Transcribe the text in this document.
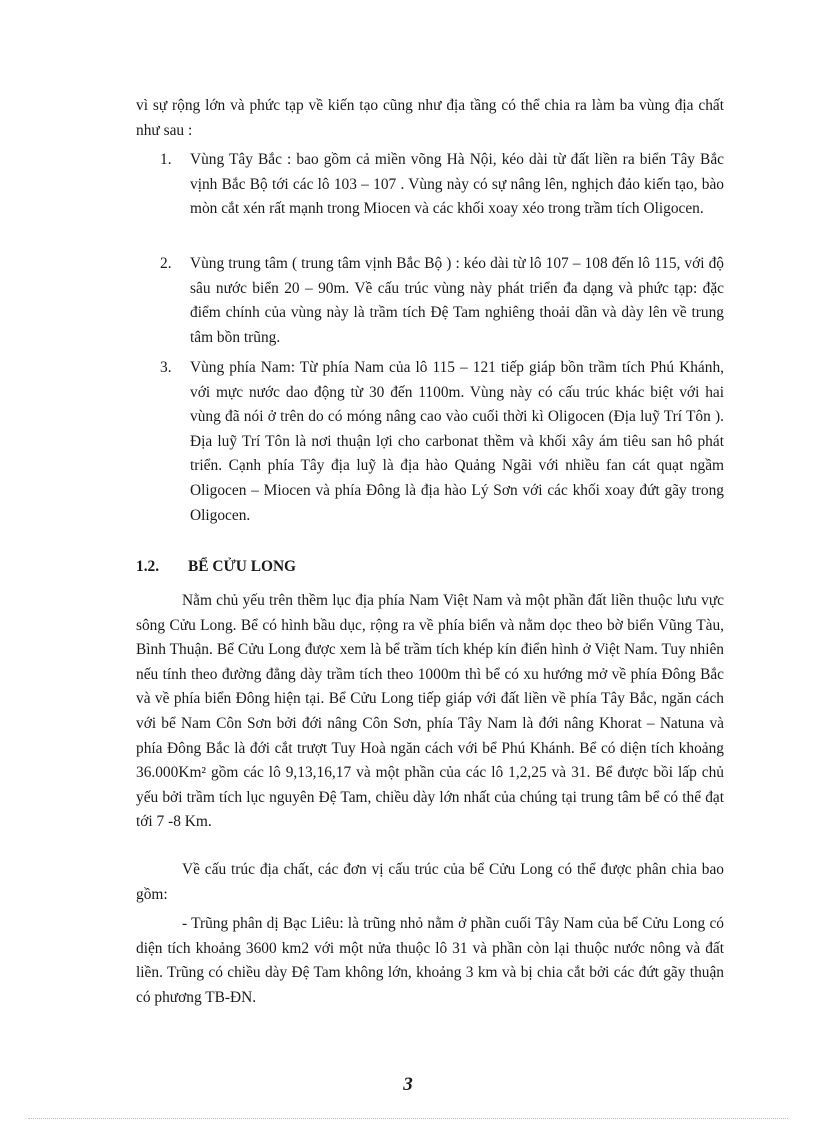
vì sự rộng lớn và phức tạp về kiến tạo cũng như địa tầng có thể chia ra làm ba vùng địa chất như sau :

1.	Vùng Tây Bắc : bao gồm cả miền võng Hà Nội, kéo dài từ đất liền ra biển Tây Bắc vịnh Bắc Bộ tới các lô 103 – 107 . Vùng này có sự nâng lên, nghịch đảo kiến tạo, bào mòn cắt xén rất mạnh trong Miocen và các khối xoay xéo trong trầm tích Oligocen.
2.	Vùng trung tâm ( trung tâm vịnh Bắc Bộ ) : kéo dài từ lô 107 – 108 đến lô 115, với độ sâu nước biển 20 – 90m. Về cấu trúc vùng này phát triển đa dạng và phức tạp: đặc điểm chính của vùng này là trầm tích Đệ Tam nghiêng thoải dần và dày lên về trung tâm bồn trũng.
3.	Vùng phía Nam: Từ phía Nam của lô 115 – 121 tiếp giáp bồn trầm tích Phú Khánh, với mực nước dao động từ 30 đến 1100m. Vùng này có cấu trúc khác biệt với hai vùng đã nói ở trên do có móng nâng cao vào cuối thời kì Oligocen (Địa luỹ Trí Tôn ). Địa luỹ Trí Tôn là nơi thuận lợi cho carbonat thềm và khối xây ám tiêu san hô phát triển. Cạnh phía Tây địa luỹ là địa hào Quảng Ngãi với nhiều fan cát quạt ngầm Oligocen – Miocen và phía Đông là địa hào Lý Sơn với các khối xoay đứt gãy trong Oligocen.
1.2. BỂ CỬU LONG

Nằm chủ yếu trên thềm lục địa phía Nam Việt Nam và một phần đất liền thuộc lưu vực sông Cửu Long. Bể có hình bầu dục, rộng ra về phía biển và nằm dọc theo bờ biển Vũng Tàu, Bình Thuận. Bể Cửu Long được xem là bể trầm tích khép kín điển hình ở Việt Nam. Tuy nhiên nếu tính theo đường đẳng dày trầm tích theo 1000m thì bể có xu hướng mở về phía Đông Bắc và về phía biển Đông hiện tại. Bể Cửu Long tiếp giáp với đất liền về phía Tây Bắc, ngăn cách với bể Nam Côn Sơn bởi đới nâng Côn Sơn, phía Tây Nam là đới nâng Khorat – Natuna và phía Đông Bắc là đới cắt trượt Tuy Hoà ngăn cách với bể Phú Khánh. Bể có diện tích khoảng 36.000Km² gồm các lô 9,13,16,17 và một phần của các lô 1,2,25 và 31. Bể được bồi lấp chủ yếu bởi trầm tích lục nguyên Đệ Tam, chiều dày lớn nhất của chúng tại trung tâm bể có thể đạt tới 7 -8 Km.

Về cấu trúc địa chất, các đơn vị cấu trúc của bể Cửu Long có thể được phân chia bao gồm:

- Trũng phân dị Bạc Liêu: là trũng nhỏ nằm ở phần cuối Tây Nam của bể Cửu Long có diện tích khoảng 3600 km2 với một nửa thuộc lô 31 và phần còn lại thuộc nước nông và đất liền. Trũng có chiều dày Đệ Tam không lớn, khoảng 3 km và bị chia cắt bởi các đứt gãy thuận có phương TB-ĐN.

3
